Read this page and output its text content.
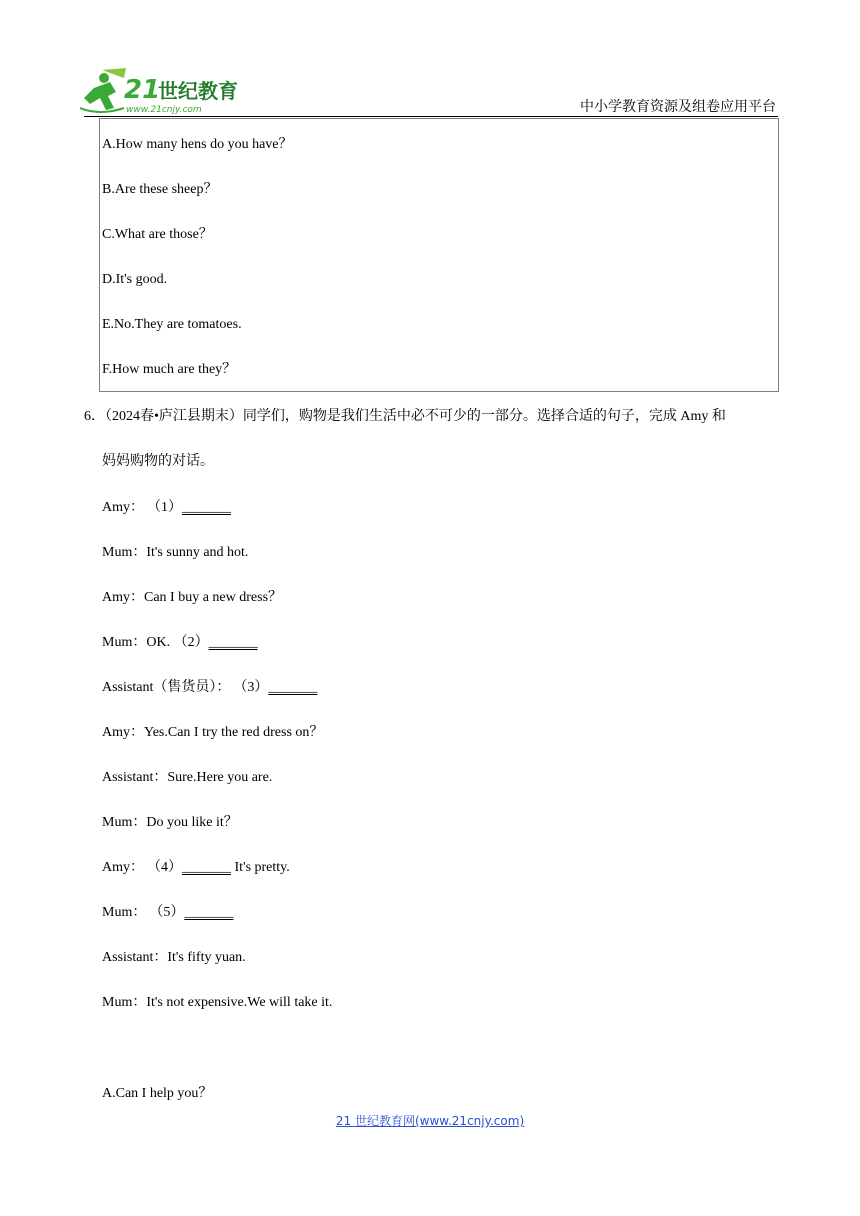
21
世纪教育
www.21cnjy.com	中小学教育资源及组卷应用平台
A.How many hens do you have？
B.Are these sheep？
C.What are those？
D.It's good.
E.No.They are tomatoes.
F.How much are they？
6．（2024春•庐江县期末）同学们，购物是我们生活中必不可少的一部分。选择合适的句子，完成 Amy 和
妈妈购物的对话。
Amy： （1）_______
Mum：It's sunny and hot.
Amy：Can I buy a new dress？
Mum：OK. （2）_______
Assistant（售货员）： （3）_______
Amy：Yes.Can I try the red dress on？
Assistant：Sure.Here you are.
Mum：Do you like it？
Amy： （4）_______ It's pretty.
Mum： （5）_______
Assistant：It's fifty yuan.
Mum：It's not expensive.We will take it.
A.Can I help you？
21 世纪教育网(www.21cnjy.com)
